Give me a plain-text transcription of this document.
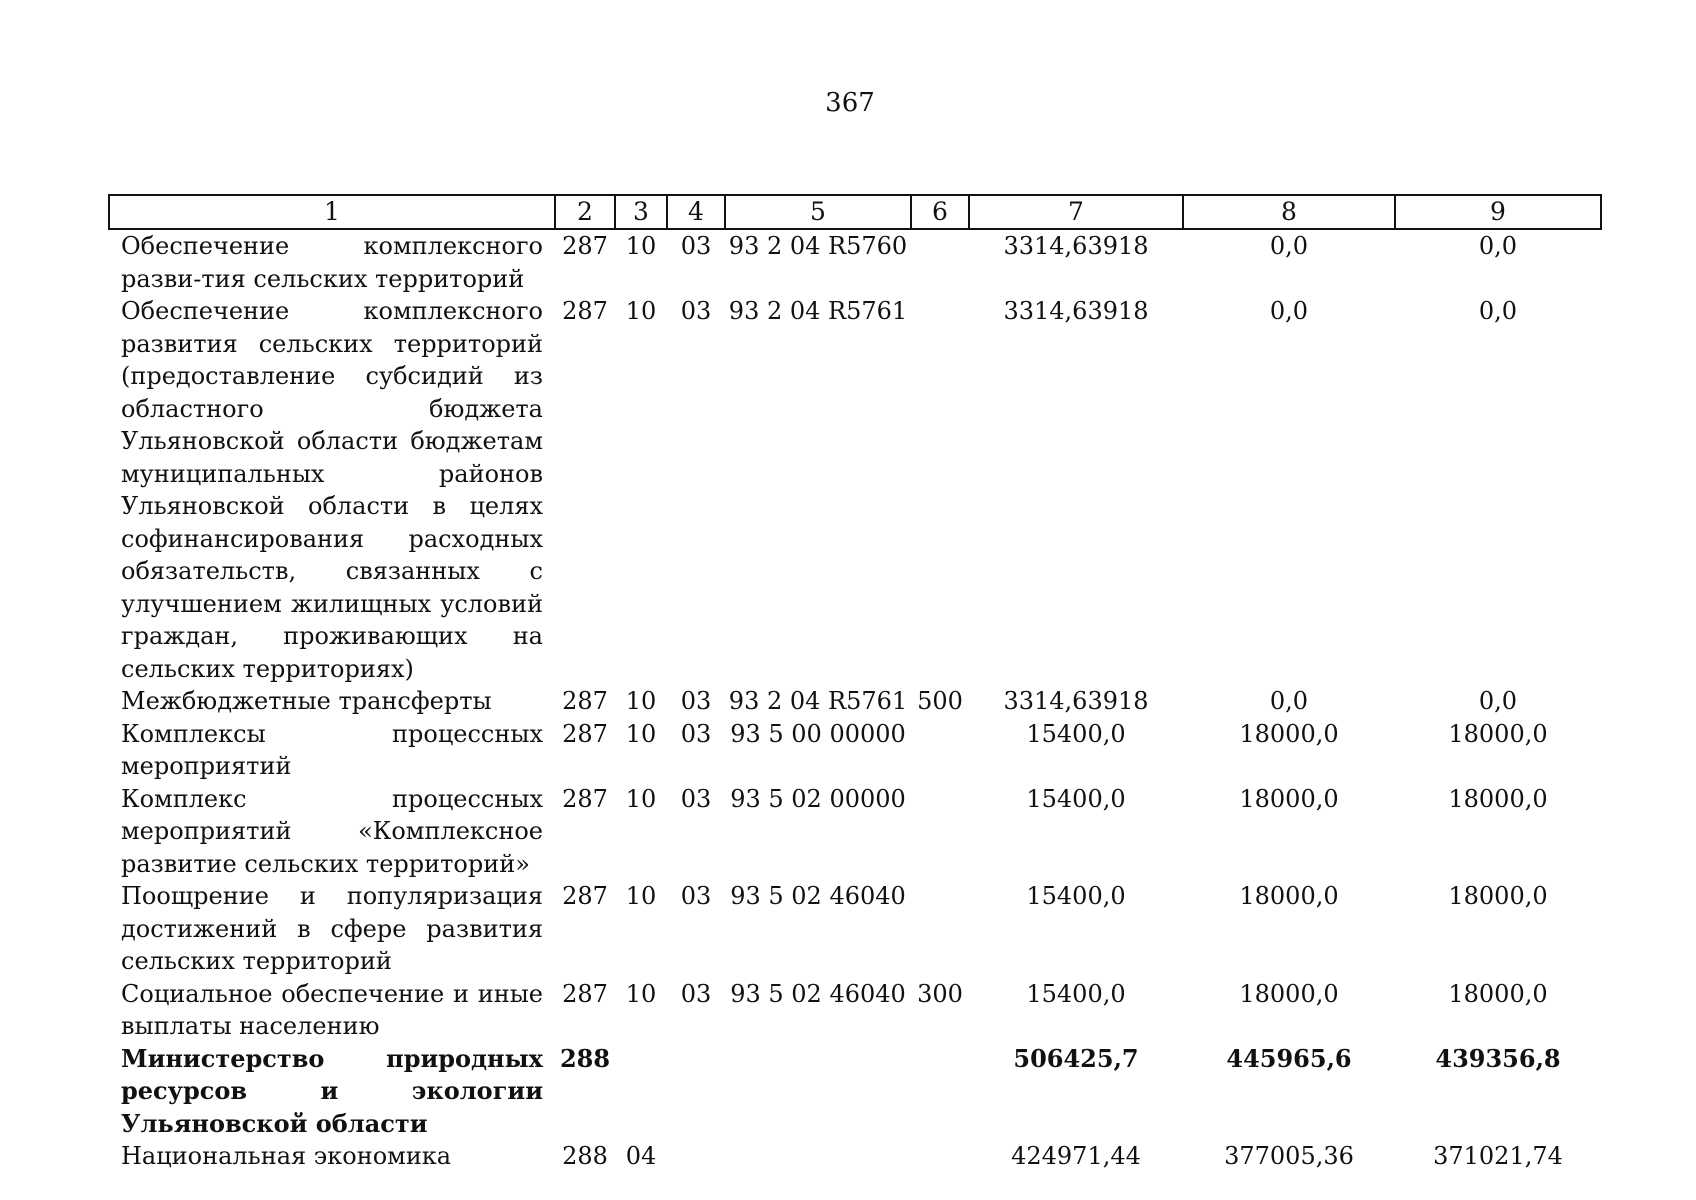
367
1	2	3	4	5	6	7	8	9
Обеспечение комплексного разви-тия сельских территорий	287	10	03	93 2 04 R5760		3314,63918	0,0	0,0
Обеспечение комплексного развития сельских территорий (предоставление субсидий из областного бюджета Ульяновской области бюджетам муниципальных районов Ульяновской области в целях софинансирования расходных обязательств, связанных с улучшением жилищных условий граждан, проживающих на сельских территориях)	287	10	03	93 2 04 R5761		3314,63918	0,0	0,0
Межбюджетные трансферты	287	10	03	93 2 04 R5761	500	3314,63918	0,0	0,0
Комплексы процессных мероприятий	287	10	03	93 5 00 00000		15400,0	18000,0	18000,0
Комплекс процессных мероприятий «Комплексное развитие сельских территорий»	287	10	03	93 5 02 00000		15400,0	18000,0	18000,0
Поощрение и популяризация достижений в сфере развития сельских территорий	287	10	03	93 5 02 46040		15400,0	18000,0	18000,0
Социальное обеспечение и иные выплаты населению	287	10	03	93 5 02 46040	300	15400,0	18000,0	18000,0
Министерство природных ресурсов и экологии Ульяновской области	288					506425,7	445965,6	439356,8
Национальная экономика	288	04				424971,44	377005,36	371021,74
